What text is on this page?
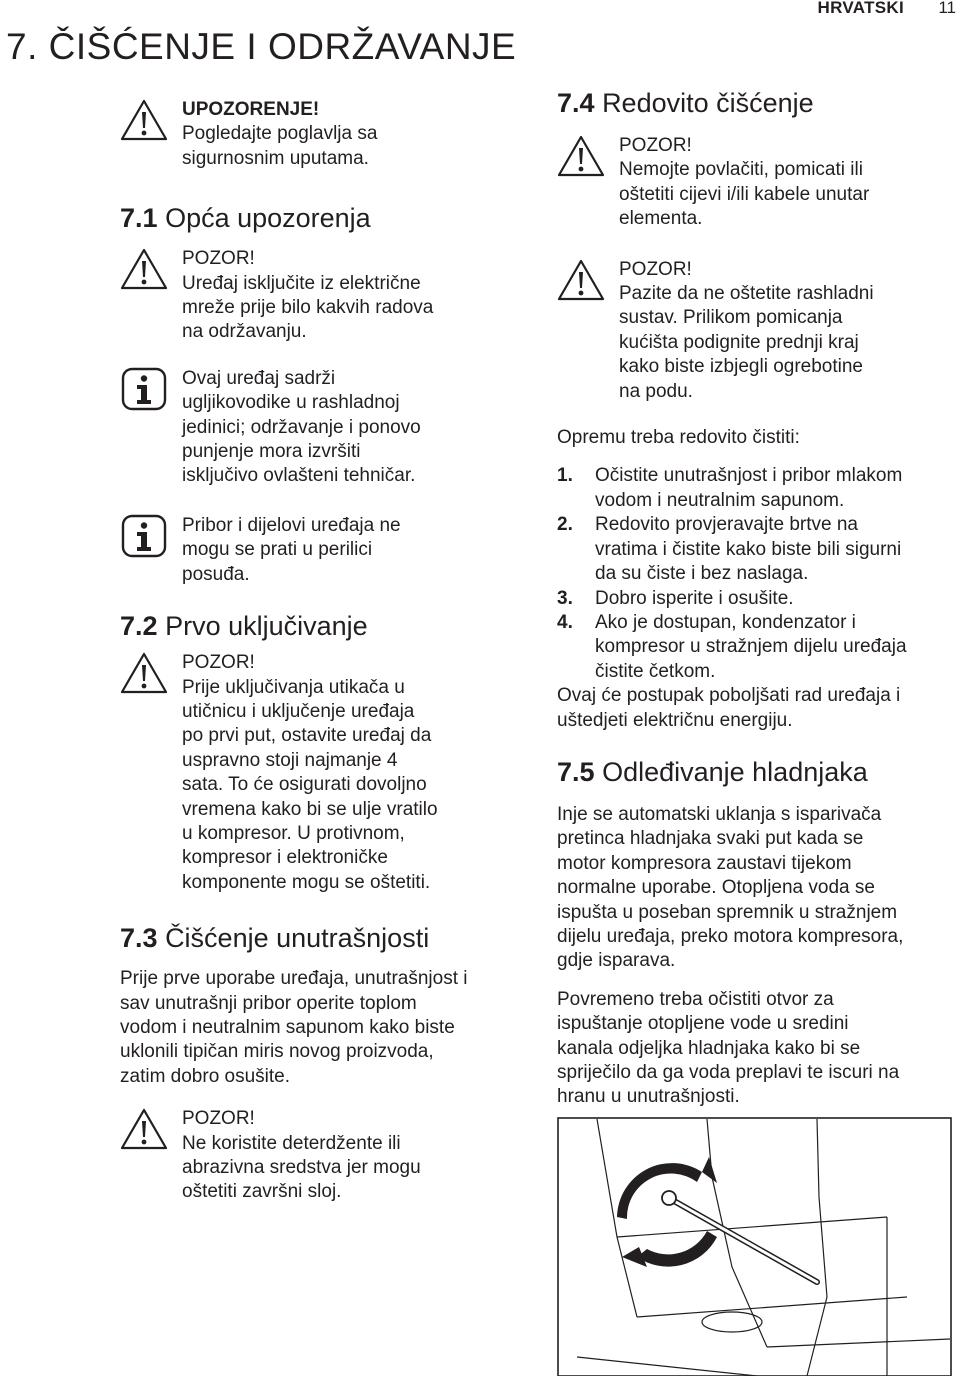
HRVATSKI 11
7. ČIŠĆENJE I ODRŽAVANJE
UPOZORENJE!
Pogledajte poglavlja sa
sigurnosnim uputama.
7.1 Opća upozorenja
POZOR!
Uređaj isključite iz električne
mreže prije bilo kakvih radova
na održavanju.
Ovaj uređaj sadrži
ugljikovodike u rashladnoj
jedinici; održavanje i ponovo
punjenje mora izvršiti
isključivo ovlašteni tehničar.
Pribor i dijelovi uređaja ne
mogu se prati u perilici
posuđa.
7.2 Prvo uključivanje
POZOR!
Prije uključivanja utikača u
utičnicu i uključenje uređaja
po prvi put, ostavite uređaj da
uspravno stoji najmanje 4
sata. To će osigurati dovoljno
vremena kako bi se ulje vratilo
u kompresor. U protivnom,
kompresor i elektroničke
komponente mogu se oštetiti.
7.3 Čišćenje unutrašnjosti

Prije prve uporabe uređaja, unutrašnjost i
sav unutrašnji pribor operite toplom
vodom i neutralnim sapunom kako biste
uklonili tipičan miris novog proizvoda,
zatim dobro osušite.

POZOR!
Ne koristite deterdžente ili
abrazivna sredstva jer mogu
oštetiti završni sloj.
7.4 Redovito čišćenje
POZOR!
Nemojte povlačiti, pomicati ili
oštetiti cijevi i/ili kabele unutar
elementa.
POZOR!
Pazite da ne oštetite rashladni
sustav. Prilikom pomicanja
kućišta podignite prednji kraj
kako biste izbjegli ogrebotine
na podu.

Opremu treba redovito čistiti:

1. Očistite unutrašnjost i pribor mlakom
vodom i neutralnim sapunom.
2. Redovito provjeravajte brtve na
vratima i čistite kako biste bili sigurni
da su čiste i bez naslaga.
3. Dobro isperite i osušite.
4. Ako je dostupan, kondenzator i
kompresor u stražnjem dijelu uređaja
čistite četkom.

Ovaj će postupak poboljšati rad uređaja i
uštedjeti električnu energiju.

7.5 Odleđivanje hladnjaka

Inje se automatski uklanja s isparivača
pretinca hladnjaka svaki put kada se
motor kompresora zaustavi tijekom
normalne uporabe. Otopljena voda se
ispušta u poseban spremnik u stražnjem
dijelu uređaja, preko motora kompresora,
gdje isparava.

Povremeno treba očistiti otvor za
ispuštanje otopljene vode u sredini
kanala odjeljka hladnjaka kako bi se
spriječilo da ga voda preplavi te iscuri na
hranu u unutrašnjosti.
